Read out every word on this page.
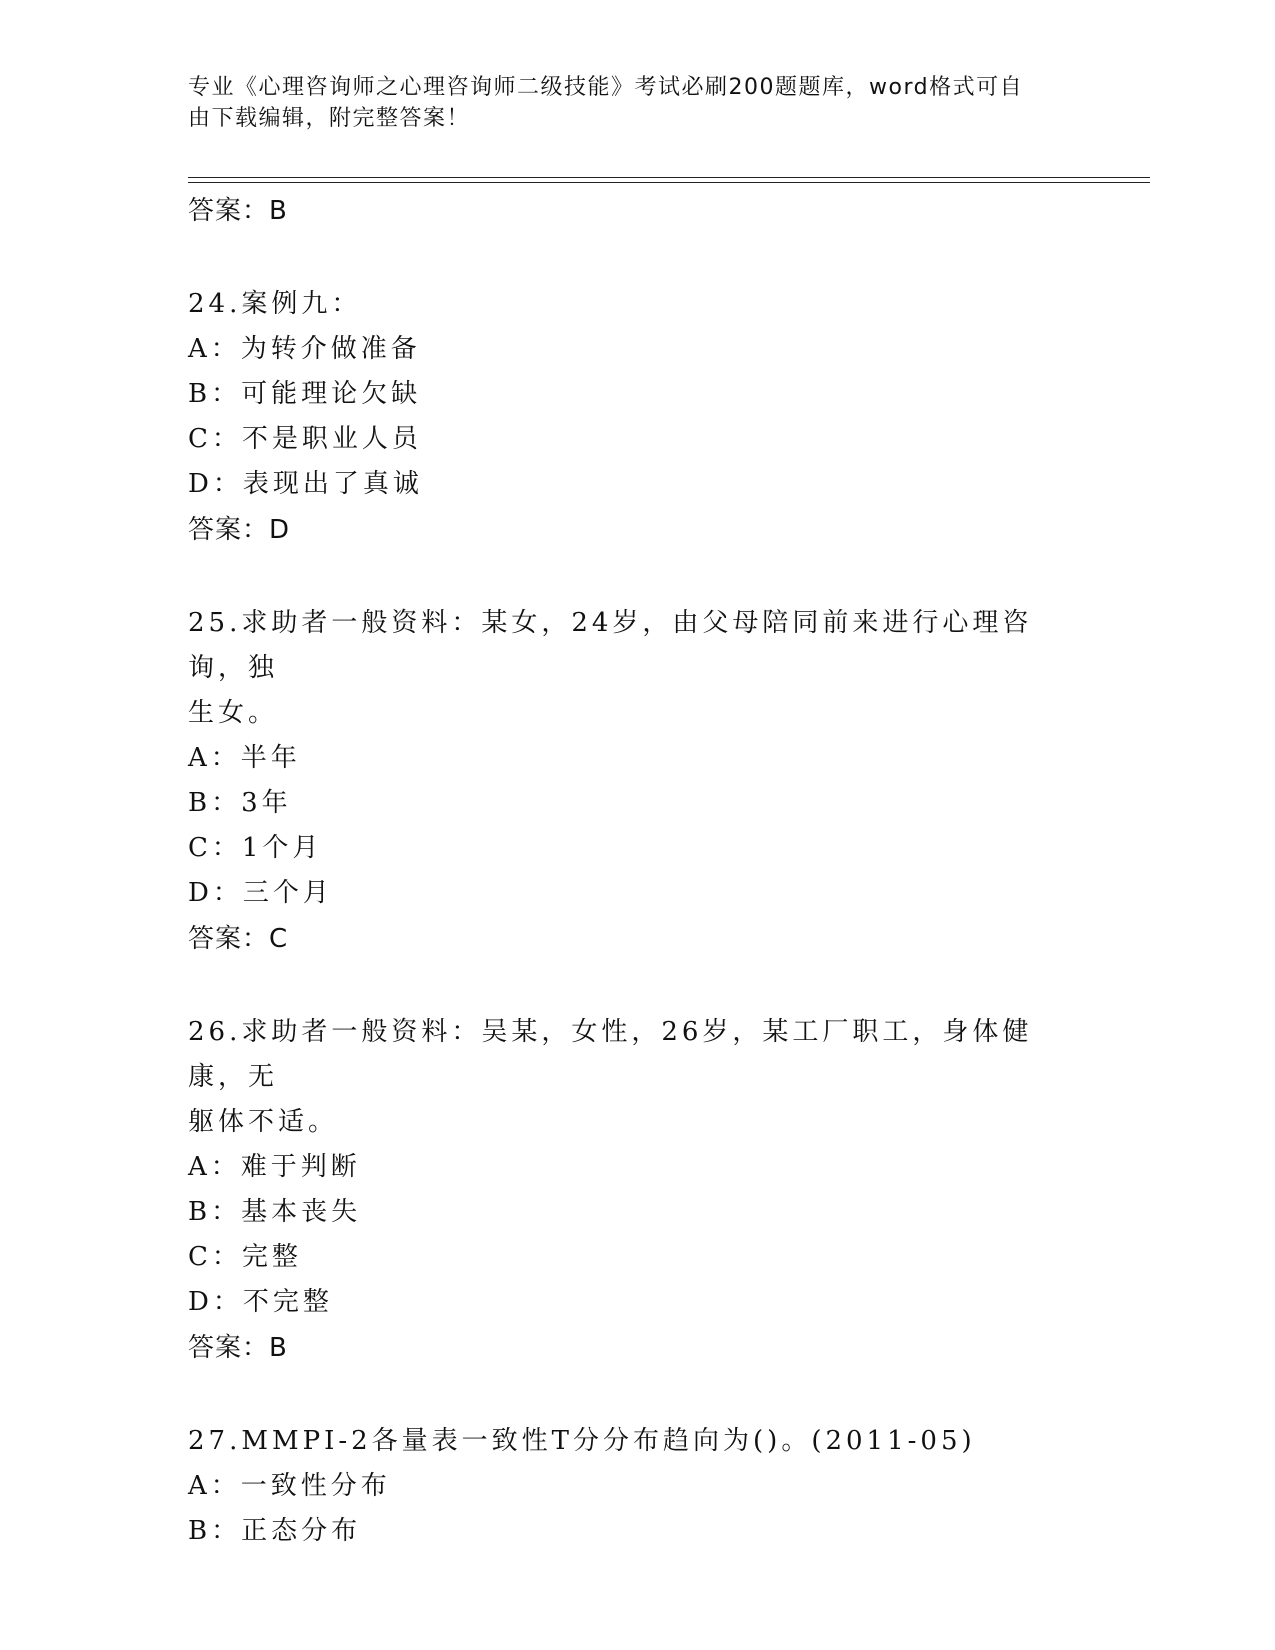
专业《心理咨询师之心理咨询师二级技能》考试必刷200题题库，word格式可自
由下载编辑，附完整答案！
答案：B
24.案例九：
A：为转介做准备
B：可能理论欠缺
C：不是职业人员
D：表现出了真诚
答案：D
25.求助者一般资料：某女，24岁，由父母陪同前来进行心理咨询，独
生女。
A：半年
B：3年
C：1个月
D：三个月
答案：C
26.求助者一般资料：吴某，女性，26岁，某工厂职工，身体健康，无
躯体不适。
A：难于判断
B：基本丧失
C：完整
D：不完整
答案：B
27.MMPI-2各量表一致性T分分布趋向为()。(2011-05)
A：一致性分布
B：正态分布
